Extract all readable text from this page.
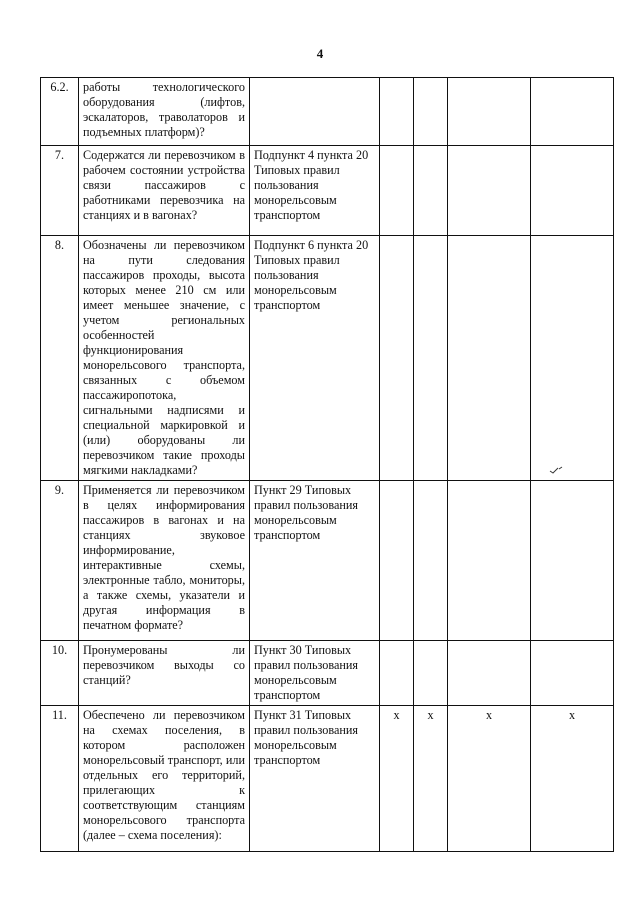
4
6.2.	работы технологического оборудования (лифтов, эскалаторов, траволаторов и подъемных платформ)?					
7.	Содержатся ли перевозчиком в рабочем состоянии устройства связи пассажиров с работниками перевозчика на станциях и в вагонах?	Подпункт 4 пункта 20 Типовых правил пользования монорельсовым транспортом				
8.	Обозначены ли перевозчиком на пути следования пассажиров проходы, высота которых менее 210 см или имеет меньшее значение, с учетом региональных особенностей функционирования монорельсового транспорта, связанных с объемом пассажиропотока, сигнальными надписями и специальной маркировкой и (или) оборудованы ли перевозчиком такие проходы мягкими накладками?	Подпункт 6 пункта 20 Типовых правил пользования монорельсовым транспортом				
9.	Применяется ли перевозчиком в целях информирования пассажиров в вагонах и на станциях звуковое информирование, интерактивные схемы, электронные табло, мониторы, а также схемы, указатели и другая информация в печатном формате?	Пункт 29 Типовых правил пользования монорельсовым транспортом				
10.	Пронумерованы ли перевозчиком выходы со станций?	Пункт 30 Типовых правил пользования монорельсовым транспортом				
11.	Обеспечено ли перевозчиком на схемах поселения, в котором расположен монорельсовый транспорт, или отдельных его территорий, прилегающих к соответствующим станциям монорельсового транспорта (далее – схема поселения):	Пункт 31 Типовых правил пользования монорельсовым транспортом	x	x	x	x
